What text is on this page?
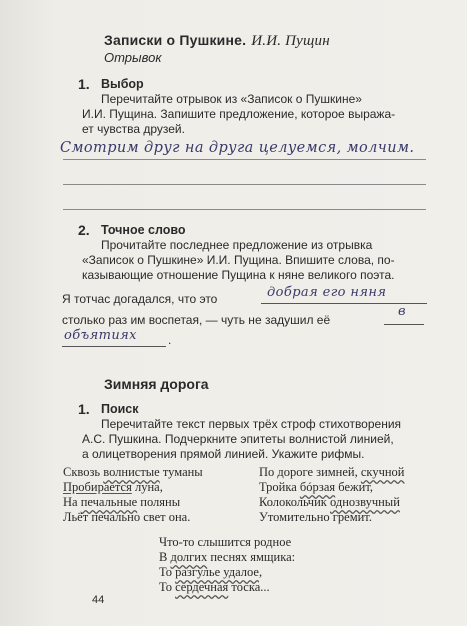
Записки о Пушкине. И.И. Пущин
Отрывок
1. Выбор
Перечитайте отрывок из «Записок о Пушкине»
И.И. Пущина. Запишите предложение, которое выража-
ет чувства друзей.
Смотрим друг на друга целуемся, молчим.
2. Точное слово
Прочитайте последнее предложение из отрывка
«Записок о Пушкине» И.И. Пущина. Впишите слова, по-
казывающие отношение Пущина к няне великого поэта.
Я тотчас догадался, что это	добрая его няня
столько раз им воспетая, — чуть не задушил её
в
объятиях	.
Зимняя дорога
1. Поиск
Перечитайте текст первых трёх строф стихотворения
А.С. Пушкина. Подчеркните эпитеты волнистой линией,
а олицетворения прямой линией. Укажите рифмы.
Сквозь волнистые туманы
Пробирается луна,
На печальные поляны
Льёт печально свет она.
По дороге зимней, скучной
Тройка бóрзая бежит,
Колокольчик однозвучный
Утомительно гремит.
Что-то слышится родное
В долгих песнях ямщика:
То разгулье удалое,
То сердечная тоска...
44
